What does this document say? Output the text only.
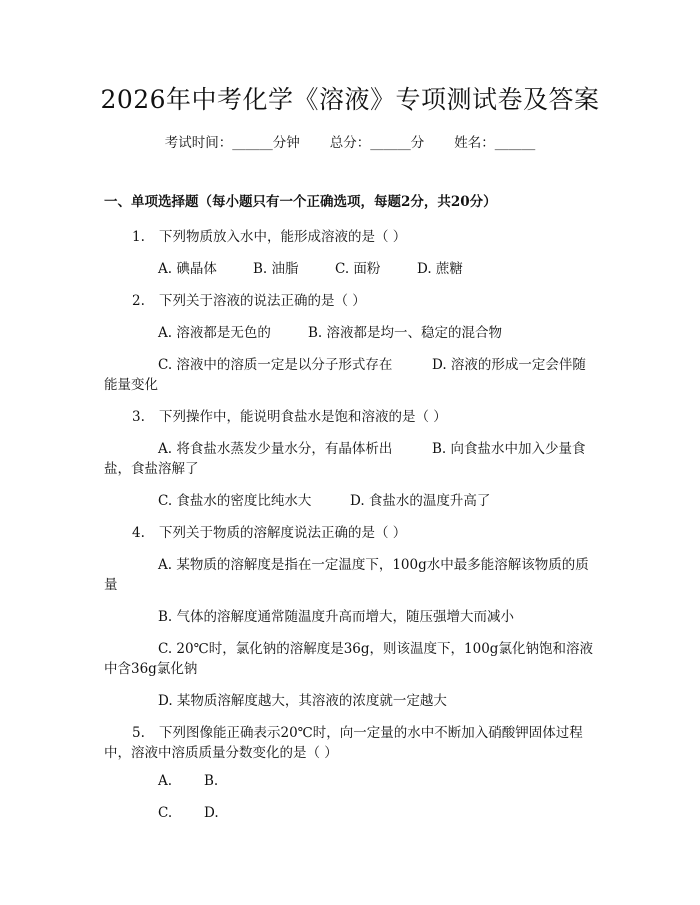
2026年中考化学《溶液》专项测试卷及答案
考试时间：______分钟 总分：______分 姓名：______
一、单项选择题（每小题只有一个正确选项，每题2分，共20分）
1. 下列物质放入水中，能形成溶液的是（ ）
A. 碘晶体	B. 油脂	C. 面粉	D. 蔗糖
2. 下列关于溶液的说法正确的是（ ）
A. 溶液都是无色的	B. 溶液都是均一、稳定的混合物
C. 溶液中的溶质一定是以分子形式存在	D. 溶液的形成一定会伴随
能量变化
3. 下列操作中，能说明食盐水是饱和溶液的是（ ）
A. 将食盐水蒸发少量水分，有晶体析出	B. 向食盐水中加入少量食
盐，食盐溶解了
C. 食盐水的密度比纯水大	D. 食盐水的温度升高了
4. 下列关于物质的溶解度说法正确的是（ ）
A. 某物质的溶解度是指在一定温度下，100g水中最多能溶解该物质的质
量
B. 气体的溶解度通常随温度升高而增大，随压强增大而减小
C. 20℃时，氯化钠的溶解度是36g，则该温度下，100g氯化钠饱和溶液
中含36g氯化钠
D. 某物质溶解度越大，其溶液的浓度就一定越大
5. 下列图像能正确表示20℃时，向一定量的水中不断加入硝酸钾固体过程
中，溶液中溶质质量分数变化的是（ ）
A. B.
C. D.
